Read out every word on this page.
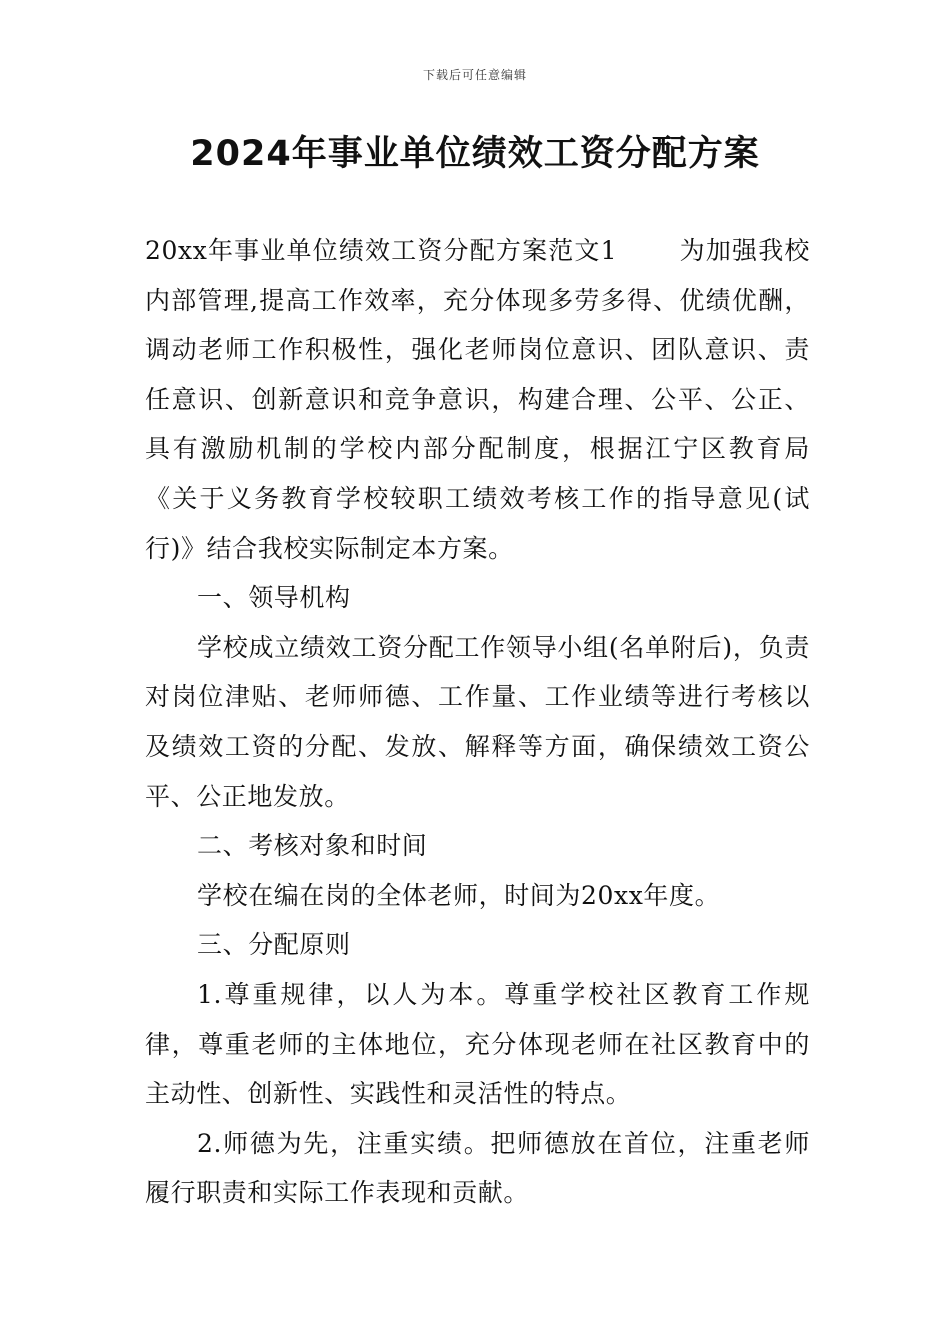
下载后可任意编辑
2024年事业单位绩效工资分配方案

20xx年事业单位绩效工资分配方案范文1 为加强我校内部管理,提高工作效率，充分体现多劳多得、优绩优酬，调动老师工作积极性，强化老师岗位意识、团队意识、责任意识、创新意识和竞争意识，构建合理、公平、公正、具有激励机制的学校内部分配制度，根据江宁区教育局《关于义务教育学校较职工绩效考核工作的指导意见(试行)》结合我校实际制定本方案。

一、领导机构

学校成立绩效工资分配工作领导小组(名单附后)，负责对岗位津贴、老师师德、工作量、工作业绩等进行考核以及绩效工资的分配、发放、解释等方面，确保绩效工资公平、公正地发放。

二、考核对象和时间

学校在编在岗的全体老师，时间为20xx年度。

三、分配原则

1.尊重规律，以人为本。尊重学校社区教育工作规律，尊重老师的主体地位，充分体现老师在社区教育中的主动性、创新性、实践性和灵活性的特点。

2.师德为先，注重实绩。把师德放在首位，注重老师履行职责和实际工作表现和贡献。
